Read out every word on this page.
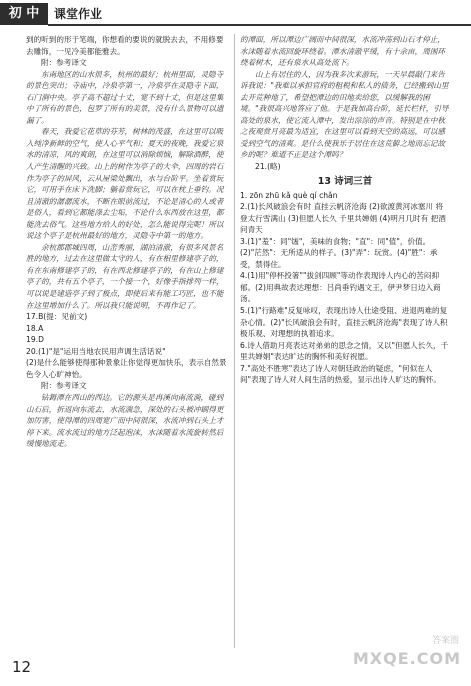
初 中	课堂作业

到的听到的形于笔端，你想看的要说的就脱去去，不用修要去雕饰，一见冷美都能雅去。

附：参考译文

东南地区的山水很多，杭州的最好；杭州里面，灵隐寺的景色突出；寺庙中，冷泉亭第一，冷泉亭在灵隐寺下面，石门涧中央。亭子高不超过十丈，宽不到十丈，但是这里集中了所有的景色，包罗了所有的美景，没有什么景物可以遗漏了。

春天，我爱它花草的芬芳，树林的茂盛，在这里可以吸入纯净新鲜的空气，使人心平气和；夏天的夜晚，我爱它泉水的清凉，风的爽朗，在这里可以消除烦恼，解除酒醉，使人产生清醒的兴致。山上的树作为亭子的大伞，四周的岩石作为亭子的屏风，云从屋梁处飘出，水与台阶平。坐着赏玩它，可用手在床下洗脚；躺着赏玩它，可以在枕上垂钓。况且清澈的潺潺流水，不断在眼前流过，不论是清心的人或者是俗人，看到它都能涤去尘垢，不论什么东西放在这里，都能洗去俗气。这些地方给人的好处，怎么能说得完呢！所以说这个亭子是杭州最好的地方，灵隐寺中第一的地方。

余杭郡郡城四周，山峦秀丽，湖泊清澈，有很多风景名胜的地方，过去在这里做太守的人，有在相里修建亭子的，有在东南修建亭子的，有在西北修建亭子的，有在山上修建亭子的，共有五个亭子，一个接一个，好像手指排列一样，可以说是建造亭子到了极点，即使后来有能工巧匠，也不能在这里增加什么了。所以我只能说明，不再作记了。

17.B(提：见前文)

18.A

19.D

20.(1)"是"运用当地农民用声调生活话说"

(2)是什么能够使得那种景象让你觉得更加快乐，表示自然景色令人心旷神怡。

附：参考译文

钴鉧潭在西山的西边。它的源头是冉溪向南流淌，碰到山石后，折返向东流去，水流湍急，深处的石头被冲刷得更加厉害，使得潭的四周宽广而中间很深，水流冲到石头上才停下来。流水流过的地方泛起泡沫，水沫随着水流旋转然后缓慢地流走。

的潭面，所以潭边广阔而中间很深，水流冲荡到山石才停止，水沫随着水流回旋环绕着。潭水清澈平缓，有十余亩，周围环绕着树木，还有泉水从高处流下。

山上有居住的人，因为我多次来游玩，一天早晨敲门来告诉我说："我难以承担官府的租税和私人的债务，已经搬到山里去开荒种地了，希望把潭边的田地卖给您，以缓解我的困境。"我很高兴地答应了他。于是我加高台阶，延长栏杆，引导高处的泉水，使它流入潭中，发出淙淙的声音。特别是在中秋之夜观赏月亮最为适宜，在这里可以看到天空的高远，可以感受到空气的清爽。是什么使我乐于居住在这荒僻之地而忘记故乡的呢？难道不正是这个潭吗？

21.(略)

13 诗词三首

1. zōn zhū kǎ què qí chǎn

2.(1)长风破浪会有时 直挂云帆济沧海 (2)欲渡黄河冰塞川 将登太行雪满山 (3)但愿人长久 千里共婵娟 (4)明月几时有 把酒问青天

3.(1)"羞"：同"馐"，美味的食物；"直"：同"值"，价值。(2)"茫然"：无所适从的样子。(3)"弄"：玩赏。(4)"胜"：承受，禁得住。

4.(1)用"停杯投箸""拔剑四顾"等动作表现诗人内心的苦闷抑郁。(2)用典故表达理想：吕尚垂钓遇文王，伊尹梦日边入商汤。

5.(1)"行路难"反复咏叹，表现出诗人仕途受阻、进退两难的复杂心情。(2)"长风破浪会有时，直挂云帆济沧海"表现了诗人积极乐观、对理想的执着追求。

6.诗人借助月亮表达对弟弟的思念之情，又以"但愿人长久，千里共婵娟"表达旷达的胸怀和美好祝愿。

7."高处不胜寒"表达了诗人对朝廷政治的疑虑，"何似在人间"表现了诗人对人间生活的热爱，显示出诗人旷达的胸怀。

12
答案圈
MXQE.COM
